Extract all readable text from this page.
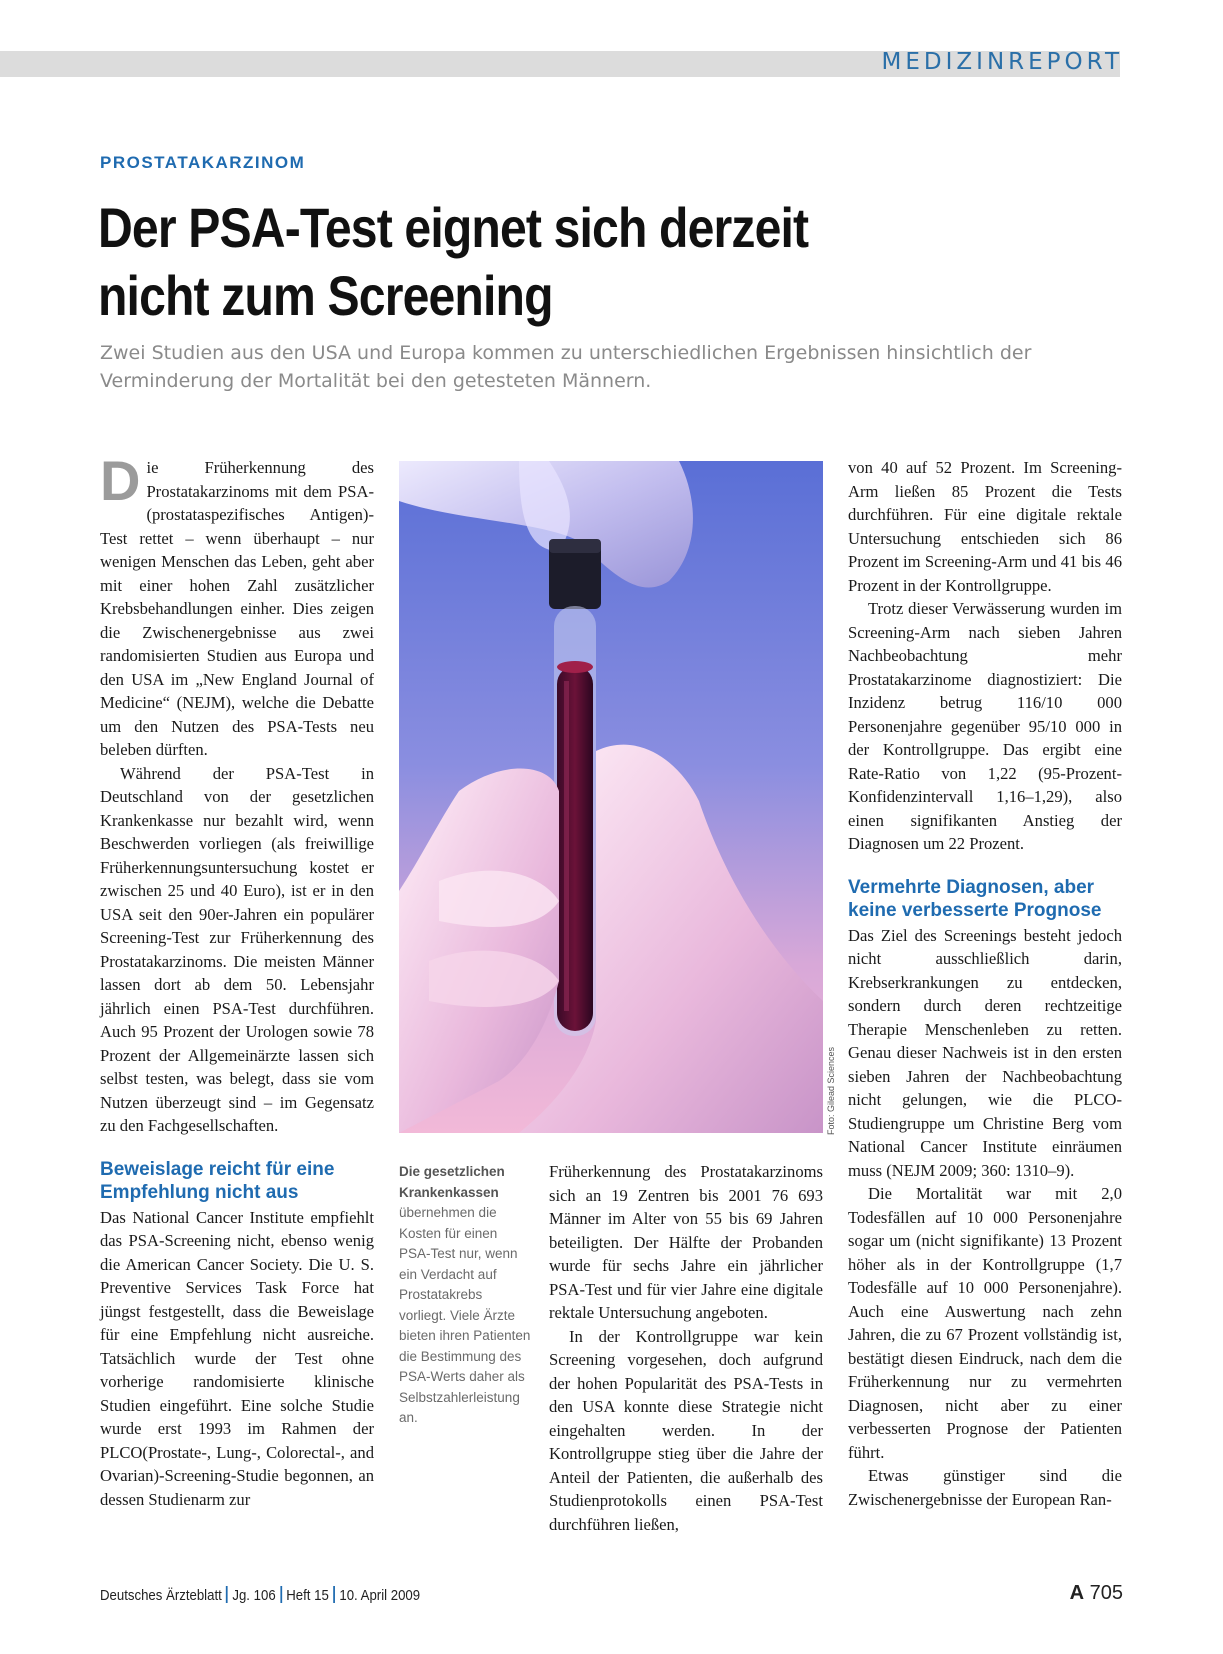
MEDIZINREPORT
PROSTATAKARZINOM
Der PSA-Test eignet sich derzeit
nicht zum Screening

Zwei Studien aus den USA und Europa kommen zu unterschiedlichen Ergebnissen hinsichtlich der Verminderung der Mortalität bei den getesteten Männern.

Die Früherkennung des Prostatakarzinoms mit dem PSA-(prostataspezifisches Antigen)-Test rettet – wenn überhaupt – nur wenigen Menschen das Leben, geht aber mit einer hohen Zahl zusätzlicher Krebsbehandlungen einher. Dies zeigen die Zwischenergebnisse aus zwei randomisierten Studien aus Europa und den USA im „New England Journal of Medicine“ (NEJM), welche die Debatte um den Nutzen des PSA-Tests neu beleben dürften.

Während der PSA-Test in Deutschland von der gesetzlichen Krankenkasse nur bezahlt wird, wenn Beschwerden vorliegen (als freiwillige Früherkennungsuntersuchung kostet er zwischen 25 und 40 Euro), ist er in den USA seit den 90er-Jahren ein populärer Screening-Test zur Früherkennung des Prostatakarzinoms. Die meisten Männer lassen dort ab dem 50. Lebensjahr jährlich einen PSA-Test durchführen. Auch 95 Prozent der Urologen sowie 78 Prozent der Allgemeinärzte lassen sich selbst testen, was belegt, dass sie vom Nutzen überzeugt sind – im Gegensatz zu den Fachgesellschaften.

Beweislage reicht für eine Empfehlung nicht aus

Das National Cancer Institute empfiehlt das PSA-Screening nicht, ebenso wenig die American Cancer Society. Die U. S. Preventive Services Task Force hat jüngst festgestellt, dass die Beweislage für eine Empfehlung nicht ausreiche. Tatsächlich wurde der Test ohne vorherige randomisierte klinische Studien eingeführt. Eine solche Studie wurde erst 1993 im Rahmen der PLCO(Prostate-, Lung-, Colorectal-, and Ovarian)-Screening-Studie begonnen, an dessen Studienarm zur

Foto: Gilead Sciences
Die gesetzlichen Krankenkassen
übernehmen die Kosten für einen PSA-Test nur, wenn ein Verdacht auf Prostatakrebs vorliegt. Viele Ärzte bieten ihren Patienten die Bestimmung des PSA-Werts daher als Selbstzahlerleistung an.

Früherkennung des Prostatakarzinoms sich an 19 Zentren bis 2001 76 693 Männer im Alter von 55 bis 69 Jahren beteiligten. Der Hälfte der Probanden wurde für sechs Jahre ein jährlicher PSA-Test und für vier Jahre eine digitale rektale Untersuchung angeboten.

In der Kontrollgruppe war kein Screening vorgesehen, doch aufgrund der hohen Popularität des PSA-Tests in den USA konnte diese Strategie nicht eingehalten werden. In der Kontrollgruppe stieg über die Jahre der Anteil der Patienten, die außerhalb des Studienprotokolls einen PSA-Test durchführen ließen,

von 40 auf 52 Prozent. Im Screening-Arm ließen 85 Prozent die Tests durchführen. Für eine digitale rektale Untersuchung entschieden sich 86 Prozent im Screening-Arm und 41 bis 46 Prozent in der Kontrollgruppe.

Trotz dieser Verwässerung wurden im Screening-Arm nach sieben Jahren Nachbeobachtung mehr Prostatakarzinome diagnostiziert: Die Inzidenz betrug 116/10 000 Personenjahre gegenüber 95/10 000 in der Kontrollgruppe. Das ergibt eine Rate-Ratio von 1,22 (95-Prozent-Konfidenzintervall 1,16–1,29), also einen signifikanten Anstieg der Diagnosen um 22 Prozent.

Vermehrte Diagnosen, aber keine verbesserte Prognose

Das Ziel des Screenings besteht jedoch nicht ausschließlich darin, Krebserkrankungen zu entdecken, sondern durch deren rechtzeitige Therapie Menschenleben zu retten. Genau dieser Nachweis ist in den ersten sieben Jahren der Nachbeobachtung nicht gelungen, wie die PLCO-Studiengruppe um Christine Berg vom National Cancer Institute einräumen muss (NEJM 2009; 360: 1310–9).

Die Mortalität war mit 2,0 Todesfällen auf 10 000 Personenjahre sogar um (nicht signifikante) 13 Prozent höher als in der Kontrollgruppe (1,7 Todesfälle auf 10 000 Personenjahre). Auch eine Auswertung nach zehn Jahren, die zu 67 Prozent vollständig ist, bestätigt diesen Eindruck, nach dem die Früherkennung nur zu vermehrten Diagnosen, nicht aber zu einer verbesserten Prognose der Patienten führt.

Etwas günstiger sind die Zwischenergebnisse der European Ran-

Deutsches Ärzteblatt Jg. 106 Heft 15 10. April 2009	A 705
